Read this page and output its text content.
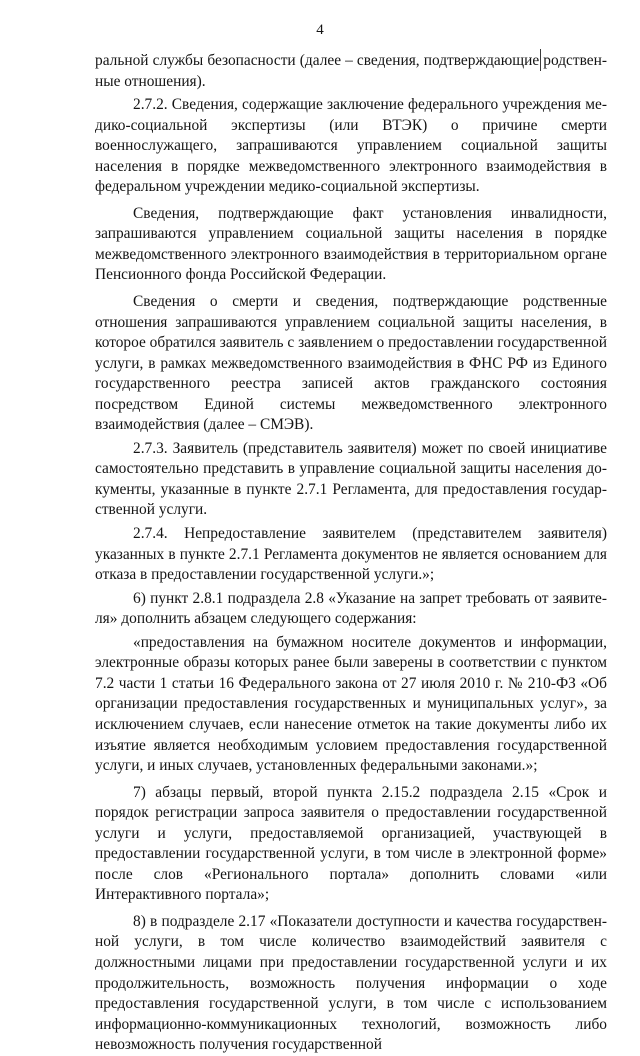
4

ральной службы безопасности (далее – сведения, подтверждающие родственные отношения).

2.7.2. Сведения, содержащие заключение федерального учреждения медико-социальной экспертизы (или ВТЭК) о причине смерти военнослужащего, запрашиваются управлением социальной защиты населения в порядке межведомственного электронного взаимодействия в федеральном учреждении медико-социальной экспертизы.

Сведения, подтверждающие факт установления инвалидности, запрашиваются управлением социальной защиты населения в порядке межведомственного электронного взаимодействия в территориальном органе Пенсионного фонда Российской Федерации.

Сведения о смерти и сведения, подтверждающие родственные отношения запрашиваются управлением социальной защиты населения, в которое обратился заявитель с заявлением о предоставлении государственной услуги, в рамках межведомственного взаимодействия в ФНС РФ из Единого государственного реестра записей актов гражданского состояния посредством Единой системы межведомственного электронного взаимодействия (далее – СМЭВ).

2.7.3. Заявитель (представитель заявителя) может по своей инициативе самостоятельно представить в управление социальной защиты населения документы, указанные в пункте 2.7.1 Регламента, для предоставления государственной услуги.

2.7.4. Непредоставление заявителем (представителем заявителя) указанных в пункте 2.7.1 Регламента документов не является основанием для отказа в предоставлении государственной услуги.»;

6) пункт 2.8.1 подраздела 2.8 «Указание на запрет требовать от заявителя» дополнить абзацем следующего содержания:

«предоставления на бумажном носителе документов и информации, электронные образы которых ранее были заверены в соответствии с пунктом 7.2 части 1 статьи 16 Федерального закона от 27 июля 2010 г. № 210-ФЗ «Об организации предоставления государственных и муниципальных услуг», за исключением случаев, если нанесение отметок на такие документы либо их изъятие является необходимым условием предоставления государственной услуги, и иных случаев, установленных федеральными законaми.»;

7) абзацы первый, второй пункта 2.15.2 подраздела 2.15 «Срок и порядок регистрации запроса заявителя о предоставлении государственной услуги и услуги, предоставляемой организацией, участвующей в предоставлении государственной услуги, в том числе в электронной форме» после слов «Регионального портала» дополнить словами «или Интерактивного портала»;

8) в подразделе 2.17 «Показатели доступности и качества государственной услуги, в том числе количество взаимодействий заявителя с должностными лицами при предоставлении государственной услуги и их продолжительность, возможность получения информации о ходе предоставления государственной услуги, в том числе с использованием информационно-коммуникационных технологий, возможность либо невозможность получения государственной
